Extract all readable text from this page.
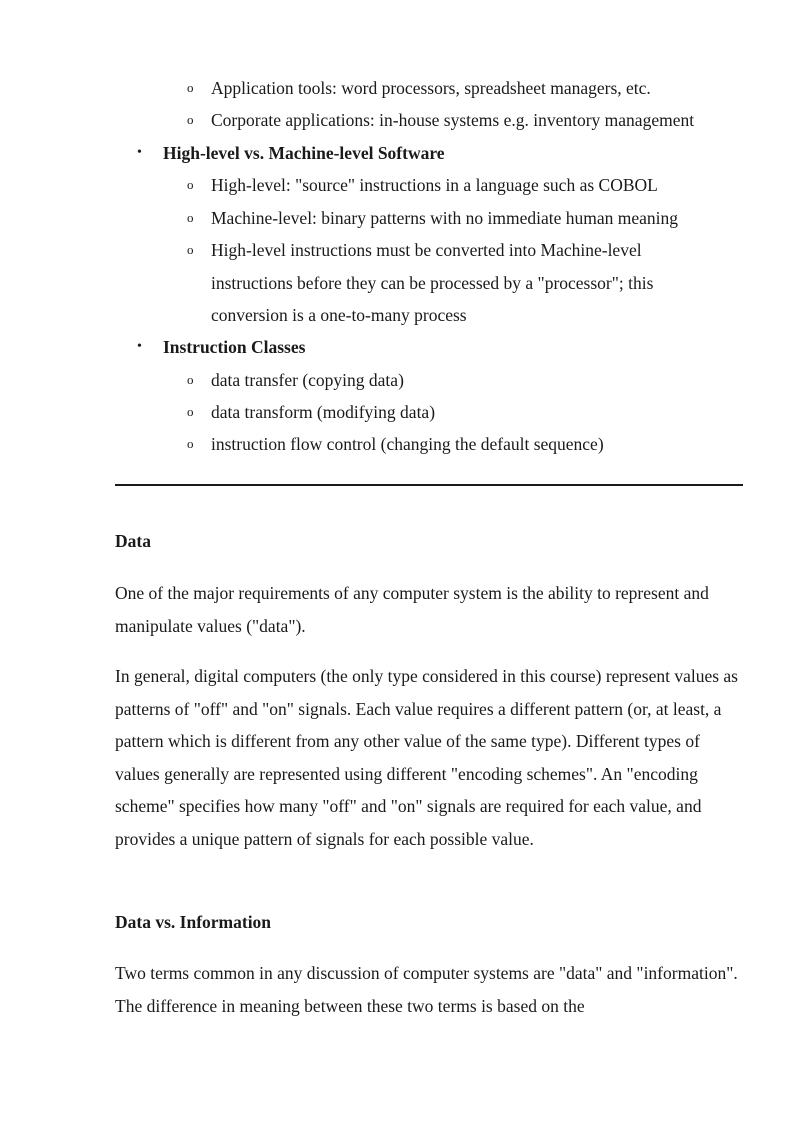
o Application tools: word processors, spreadsheet managers, etc.
o Corporate applications: in-house systems e.g. inventory management
• High-level vs. Machine-level Software
o High-level: "source" instructions in a language such as COBOL
o Machine-level: binary patterns with no immediate human meaning
o High-level instructions must be converted into Machine-level instructions before they can be processed by a "processor"; this conversion is a one-to-many process
• Instruction Classes
o data transfer (copying data)
o data transform (modifying data)
o instruction flow control (changing the default sequence)
Data

One of the major requirements of any computer system is the ability to represent and manipulate values ("data").

In general, digital computers (the only type considered in this course) represent values as patterns of "off" and "on" signals. Each value requires a different pattern (or, at least, a pattern which is different from any other value of the same type). Different types of values generally are represented using different "encoding schemes". An "encoding scheme" specifies how many "off" and "on" signals are required for each value, and provides a unique pattern of signals for each possible value.

Data vs. Information

Two terms common in any discussion of computer systems are "data" and "information". The difference in meaning between these two terms is based on the
